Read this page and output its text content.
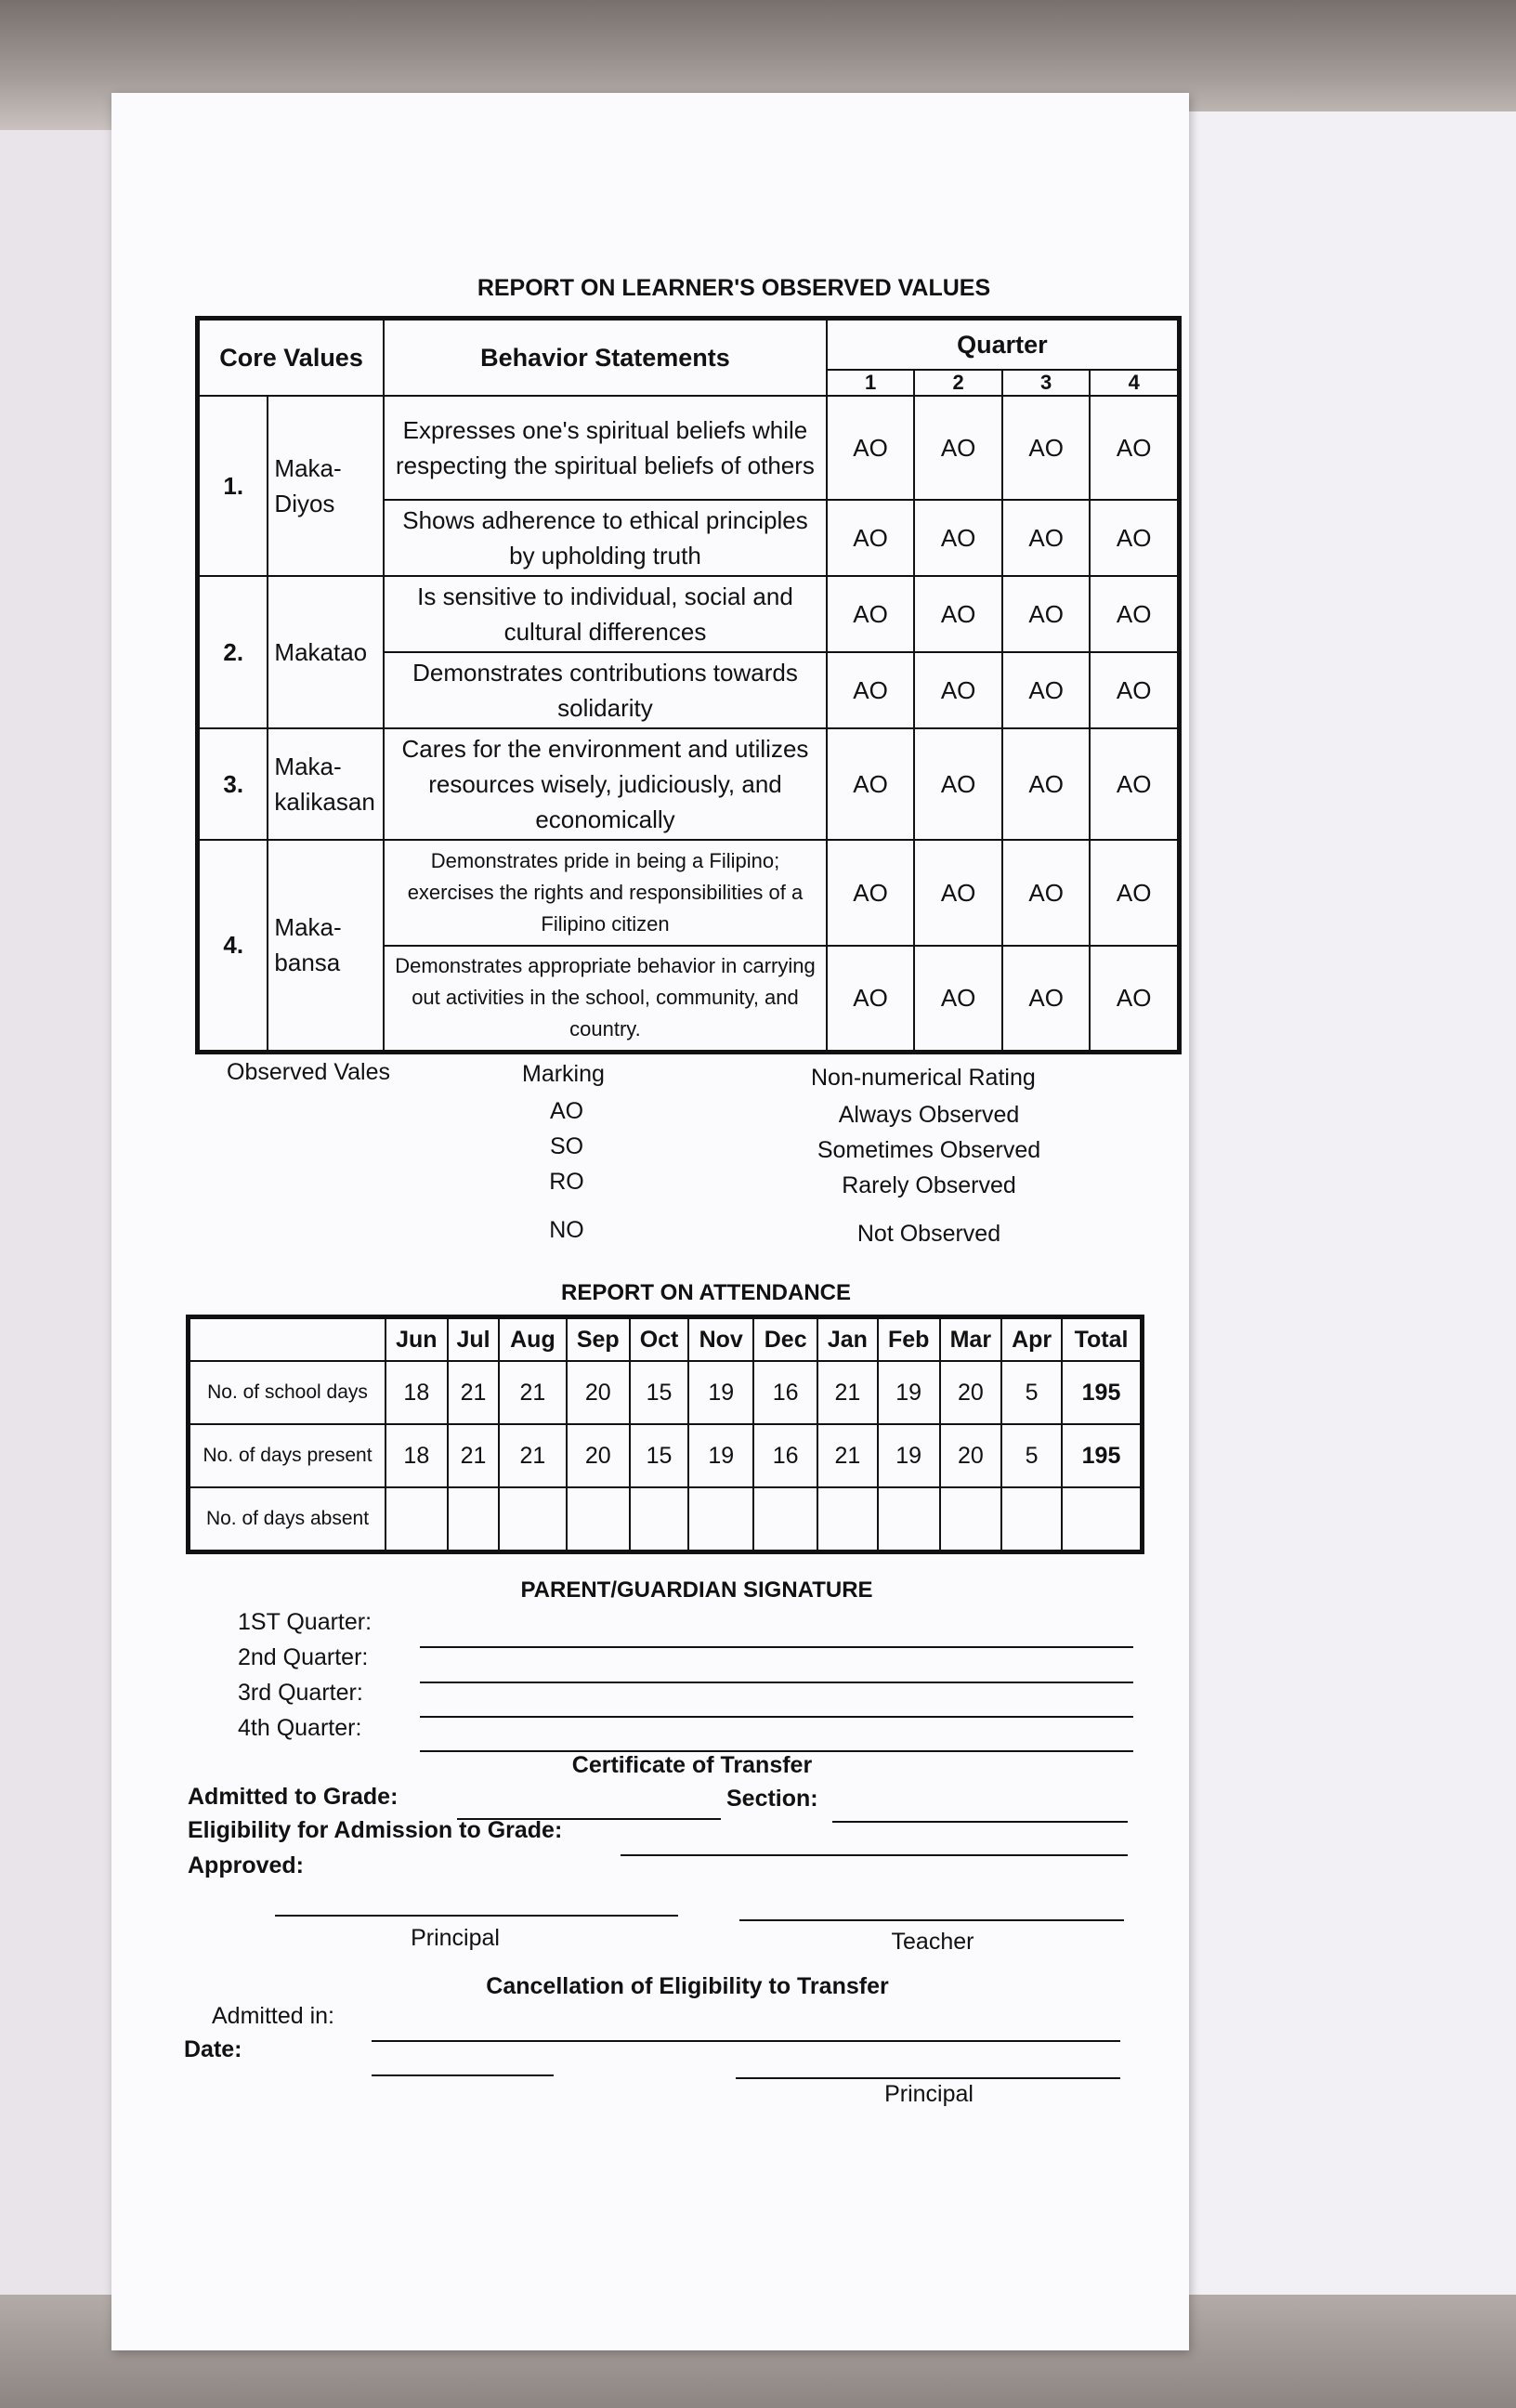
REPORT ON LEARNER'S OBSERVED VALUES
Core Values		Behavior Statements	Quarter			
			1	2	3	4
1.	Maka-Diyos	Expresses one's spiritual beliefs while respecting the spiritual beliefs of others	AO	AO	AO	AO
		Shows adherence to ethical principles by upholding truth	AO	AO	AO	AO
2.	Makatao	Is sensitive to individual, social and cultural differences	AO	AO	AO	AO
		Demonstrates contributions towards solidarity	AO	AO	AO	AO
3.	Maka-kalikasan	Cares for the environment and utilizes resources wisely, judiciously, and economically	AO	AO	AO	AO
4.	Maka-bansa	Demonstrates pride in being a Filipino; exercises the rights and responsibilities of a Filipino citizen	AO	AO	AO	AO
		Demonstrates appropriate behavior in carrying out activities in the school, community, and country.	AO	AO	AO	AO
Observed Vales	Marking	Non-numerical Rating
AO	Always Observed
SO	Sometimes Observed
RO	Rarely Observed
NO	Not Observed
REPORT ON ATTENDANCE
	Jun	Jul	Aug	Sep	Oct	Nov	Dec	Jan	Feb	Mar	Apr	Total
No. of school days	18	21	21	20	15	19	16	21	19	20	5	195
No. of days present	18	21	21	20	15	19	16	21	19	20	5	195
No. of days absent												
PARENT/GUARDIAN SIGNATURE
1ST Quarter:
2nd Quarter:
3rd Quarter:
4th Quarter:
Certificate of Transfer
Admitted to Grade:	Section:
Eligibility for Admission to Grade:
Approved:
Principal	Teacher
Cancellation of Eligibility to Transfer
Admitted in:
Date:
Principal
